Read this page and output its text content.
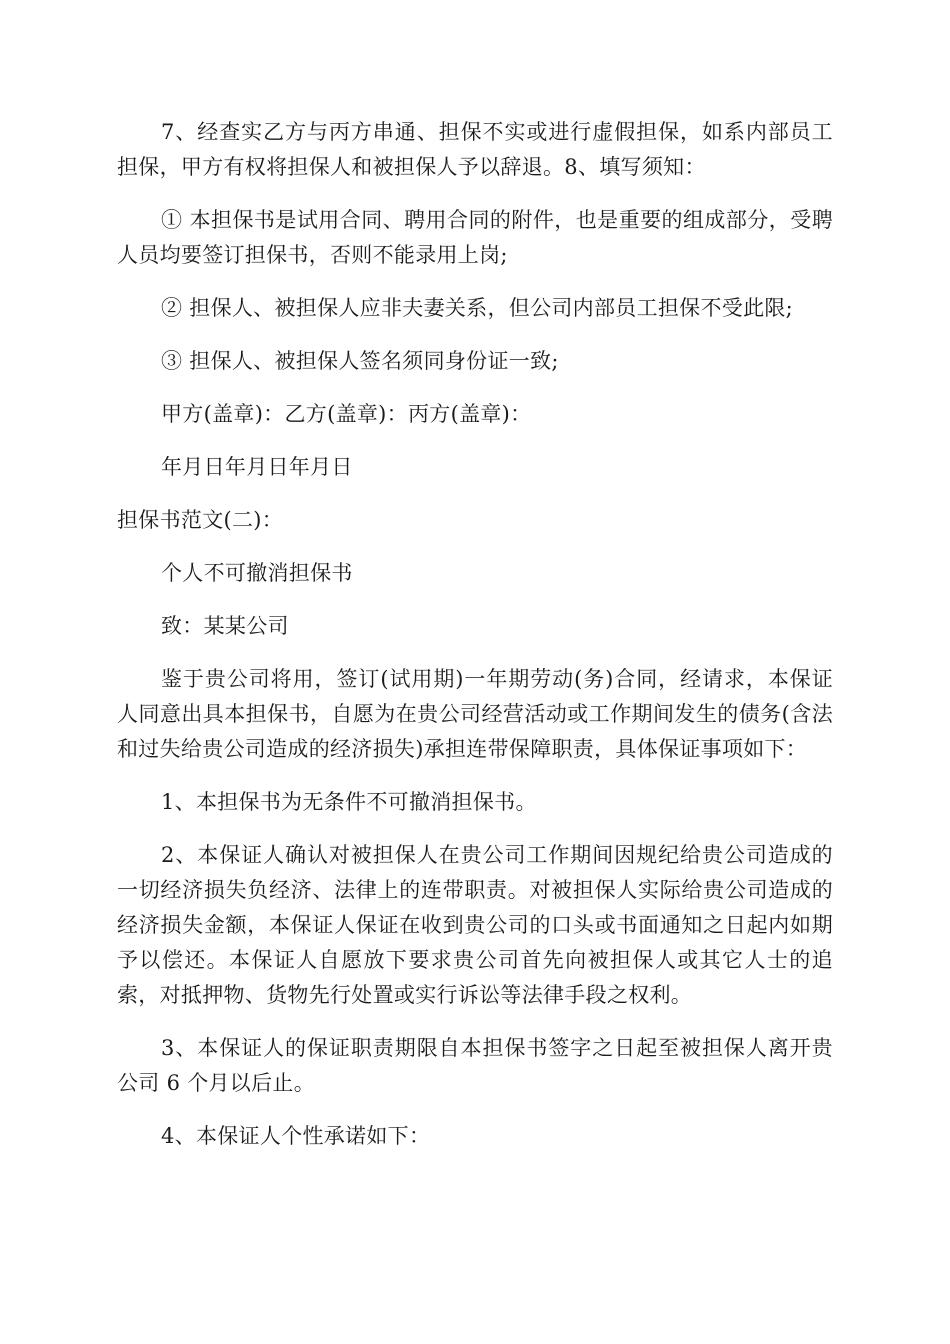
7、经查实乙方与丙方串通、担保不实或进行虚假担保，如系内部员工担保，甲方有权将担保人和被担保人予以辞退。8、填写须知：

① 本担保书是试用合同、聘用合同的附件，也是重要的组成部分，受聘人员均要签订担保书，否则不能录用上岗;

② 担保人、被担保人应非夫妻关系，但公司内部员工担保不受此限;

③ 担保人、被担保人签名须同身份证一致;

甲方(盖章)：乙方(盖章)：丙方(盖章)：

年月日年月日年月日

担保书范文(二)：

个人不可撤消担保书

致：某某公司

鉴于贵公司将用，签订(试用期)一年期劳动(务)合同，经请求，本保证人同意出具本担保书，自愿为在贵公司经营活动或工作期间发生的债务(含法和过失给贵公司造成的经济损失)承担连带保障职责，具体保证事项如下：

1、本担保书为无条件不可撤消担保书。

2、本保证人确认对被担保人在贵公司工作期间因规纪给贵公司造成的一切经济损失负经济、法律上的连带职责。对被担保人实际给贵公司造成的经济损失金额，本保证人保证在收到贵公司的口头或书面通知之日起内如期予以偿还。本保证人自愿放下要求贵公司首先向被担保人或其它人士的追索，对抵押物、货物先行处置或实行诉讼等法律手段之权利。

3、本保证人的保证职责期限自本担保书签字之日起至被担保人离开贵公司 6 个月以后止。

4、本保证人个性承诺如下：
